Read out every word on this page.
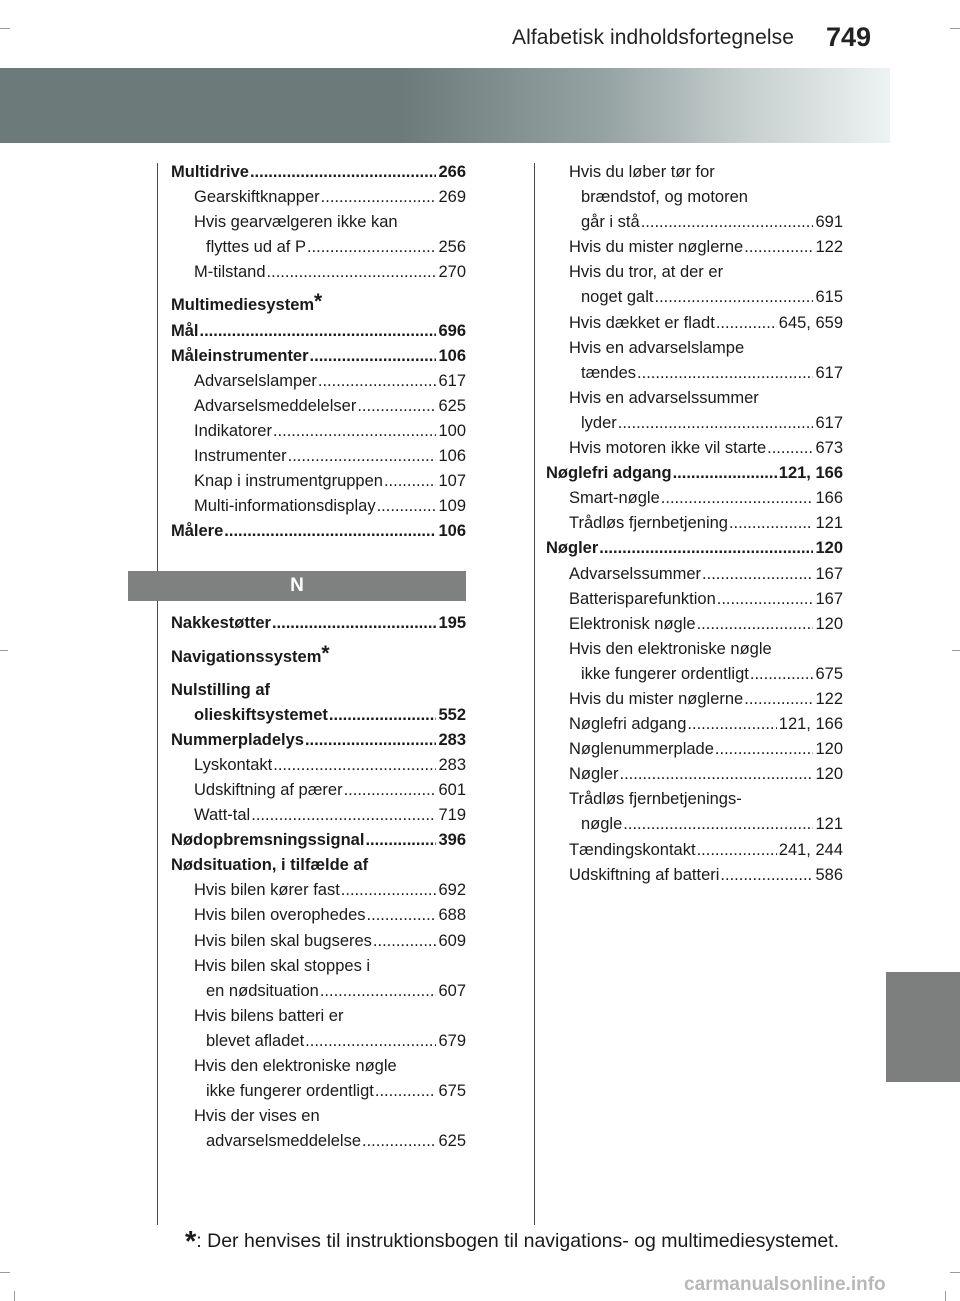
Alfabetisk indholdsfortegnelse 749
Multidrive .....	266
Gearskiftknapper .....	269
Hvis gearvælgeren ikke kan
flyttes ud af P .....	256
M-tilstand .....	270
Multimediesystem*
Mål .....	696
Måleinstrumenter .....	106
Advarselslamper .....	617
Advarselsmeddelelser .....	625
Indikatorer .....	100
Instrumenter .....	106
Knap i instrumentgruppen .....	107
Multi-informationsdisplay .....	109
Målere .....	106
N
Nakkestøtter .....	195
Navigationssystem*
Nulstilling af
olieskiftsystemet .....	552
Nummerpladelys .....	283
Lyskontakt .....	283
Udskiftning af pærer .....	601
Watt-tal .....	719
Nødopbremsningssignal .....	396
Nødsituation, i tilfælde af
Hvis bilen kører fast .....	692
Hvis bilen overophedes .....	688
Hvis bilen skal bugseres .....	609
Hvis bilen skal stoppes i
en nødsituation .....	607
Hvis bilens batteri er
blevet afladet .....	679
Hvis den elektroniske nøgle
ikke fungerer ordentligt .....	675
Hvis der vises en
advarselsmeddelelse .....	625
Hvis du løber tør for
brændstof, og motoren
går i stå .....	691
Hvis du mister nøglerne .....	122
Hvis du tror, at der er
noget galt .....	615
Hvis dækket er fladt .....	645, 659
Hvis en advarselslampe
tændes .....	617
Hvis en advarselssummer
lyder .....	617
Hvis motoren ikke vil starte .....	673
Nøglefri adgang .....	121, 166
Smart-nøgle .....	166
Trådløs fjernbetjening .....	121
Nøgler .....	120
Advarselssummer .....	167
Batterisparefunktion .....	167
Elektronisk nøgle .....	120
Hvis den elektroniske nøgle
ikke fungerer ordentligt .....	675
Hvis du mister nøglerne .....	122
Nøglefri adgang .....	121, 166
Nøglenummerplade .....	120
Nøgler .....	120
Trådløs fjernbetjenings-
nøgle .....	121
Tændingskontakt .....	241, 244
Udskiftning af batteri .....	586
*: Der henvises til instruktionsbogen til navigations- og multimediesystemet.
carmanualsonline.info
